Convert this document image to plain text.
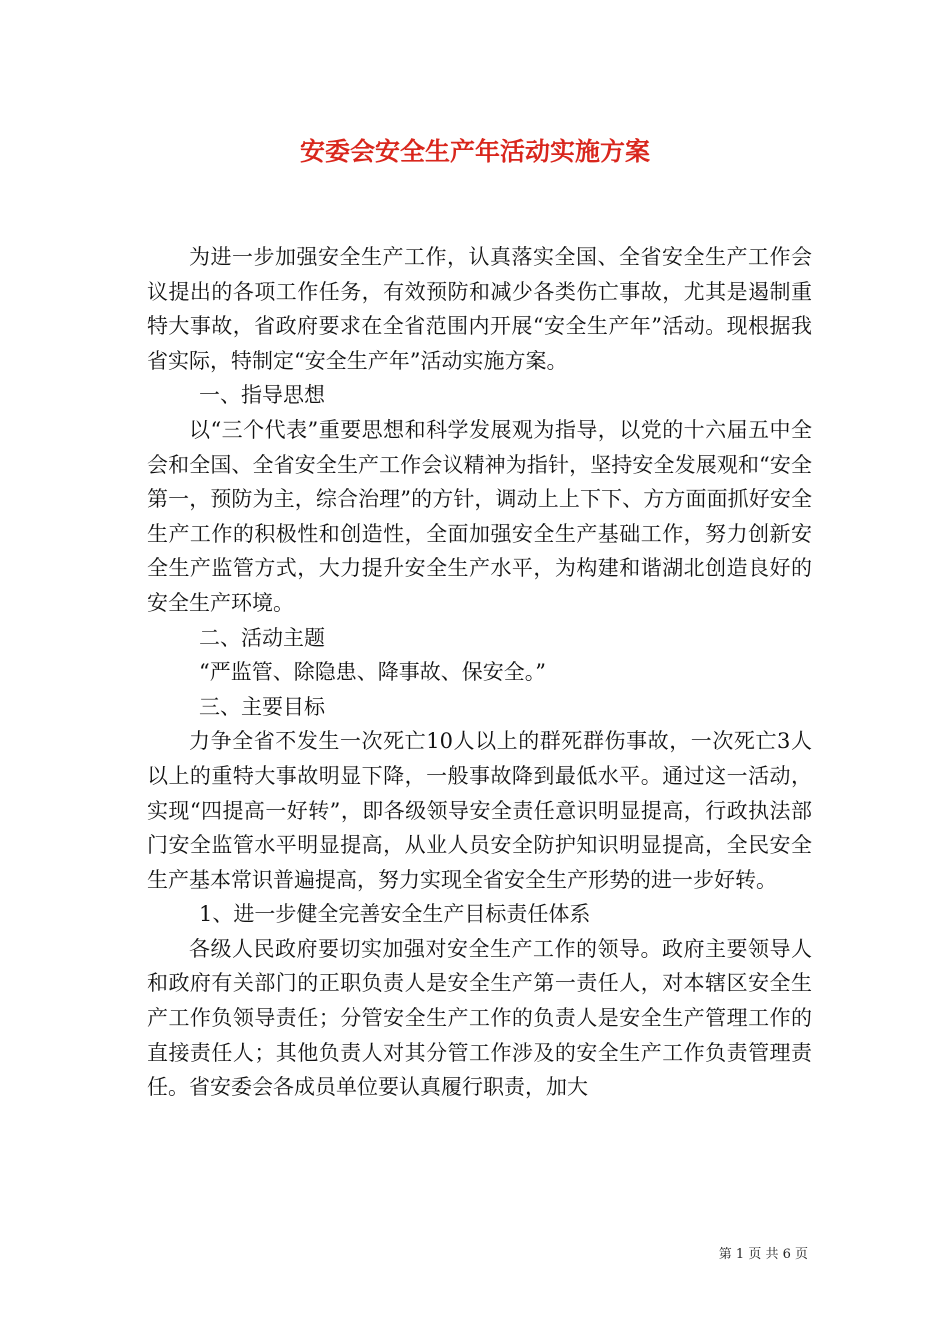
安委会安全生产年活动实施方案

为进一步加强安全生产工作，认真落实全国、全省安全生产工作会议提出的各项工作任务，有效预防和减少各类伤亡事故，尤其是遏制重特大事故，省政府要求在全省范围内开展“安全生产年”活动。现根据我省实际，特制定“安全生产年”活动实施方案。

一、指导思想

以“三个代表”重要思想和科学发展观为指导，以党的十六届五中全会和全国、全省安全生产工作会议精神为指针，坚持安全发展观和“安全第一，预防为主，综合治理”的方针，调动上上下下、方方面面抓好安全生产工作的积极性和创造性，全面加强安全生产基础工作，努力创新安全生产监管方式，大力提升安全生产水平，为构建和谐湖北创造良好的安全生产环境。

二、活动主题

“严监管、除隐患、降事故、保安全。”

三、主要目标

力争全省不发生一次死亡10人以上的群死群伤事故，一次死亡3人以上的重特大事故明显下降，一般事故降到最低水平。通过这一活动，实现“四提高一好转”，即各级领导安全责任意识明显提高，行政执法部门安全监管水平明显提高，从业人员安全防护知识明显提高，全民安全生产基本常识普遍提高，努力实现全省安全生产形势的进一步好转。

1、进一步健全完善安全生产目标责任体系

各级人民政府要切实加强对安全生产工作的领导。政府主要领导人和政府有关部门的正职负责人是安全生产第一责任人，对本辖区安全生产工作负领导责任；分管安全生产工作的负责人是安全生产管理工作的直接责任人；其他负责人对其分管工作涉及的安全生产工作负责管理责任。省安委会各成员单位要认真履行职责，加大

第 1 页 共 6 页
